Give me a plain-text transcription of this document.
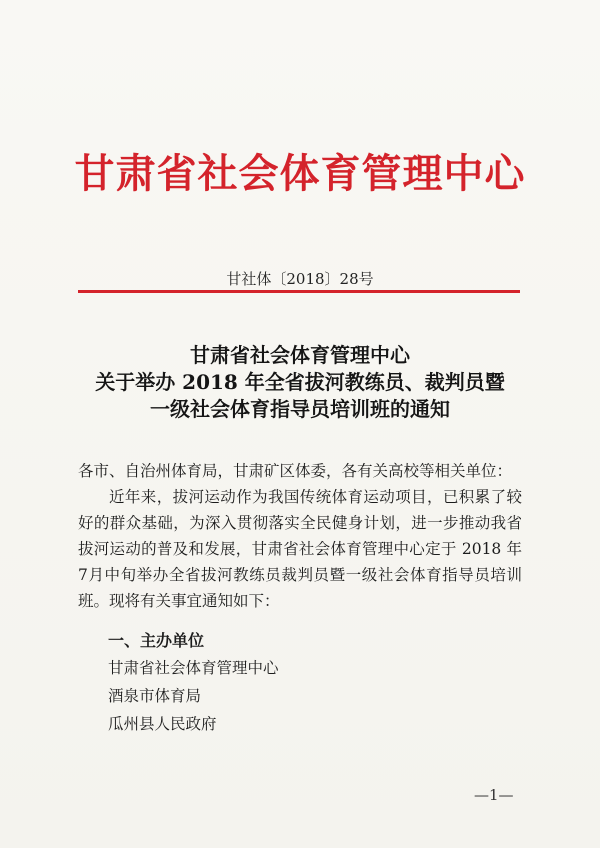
甘肃省社会体育管理中心
甘社体〔2018〕28号
甘肃省社会体育管理中心
关于举办 2018 年全省拔河教练员、裁判员暨
一级社会体育指导员培训班的通知
各市、自治州体育局，甘肃矿区体委，各有关高校等相关单位：
近年来，拔河运动作为我国传统体育运动项目，已积累了较好的群众基础，为深入贯彻落实全民健身计划，进一步推动我省拔河运动的普及和发展，甘肃省社会体育管理中心定于 2018 年 7月中旬举办全省拔河教练员裁判员暨一级社会体育指导员培训班。现将有关事宜通知如下：
一、主办单位
甘肃省社会体育管理中心
酒泉市体育局
瓜州县人民政府
—1—
